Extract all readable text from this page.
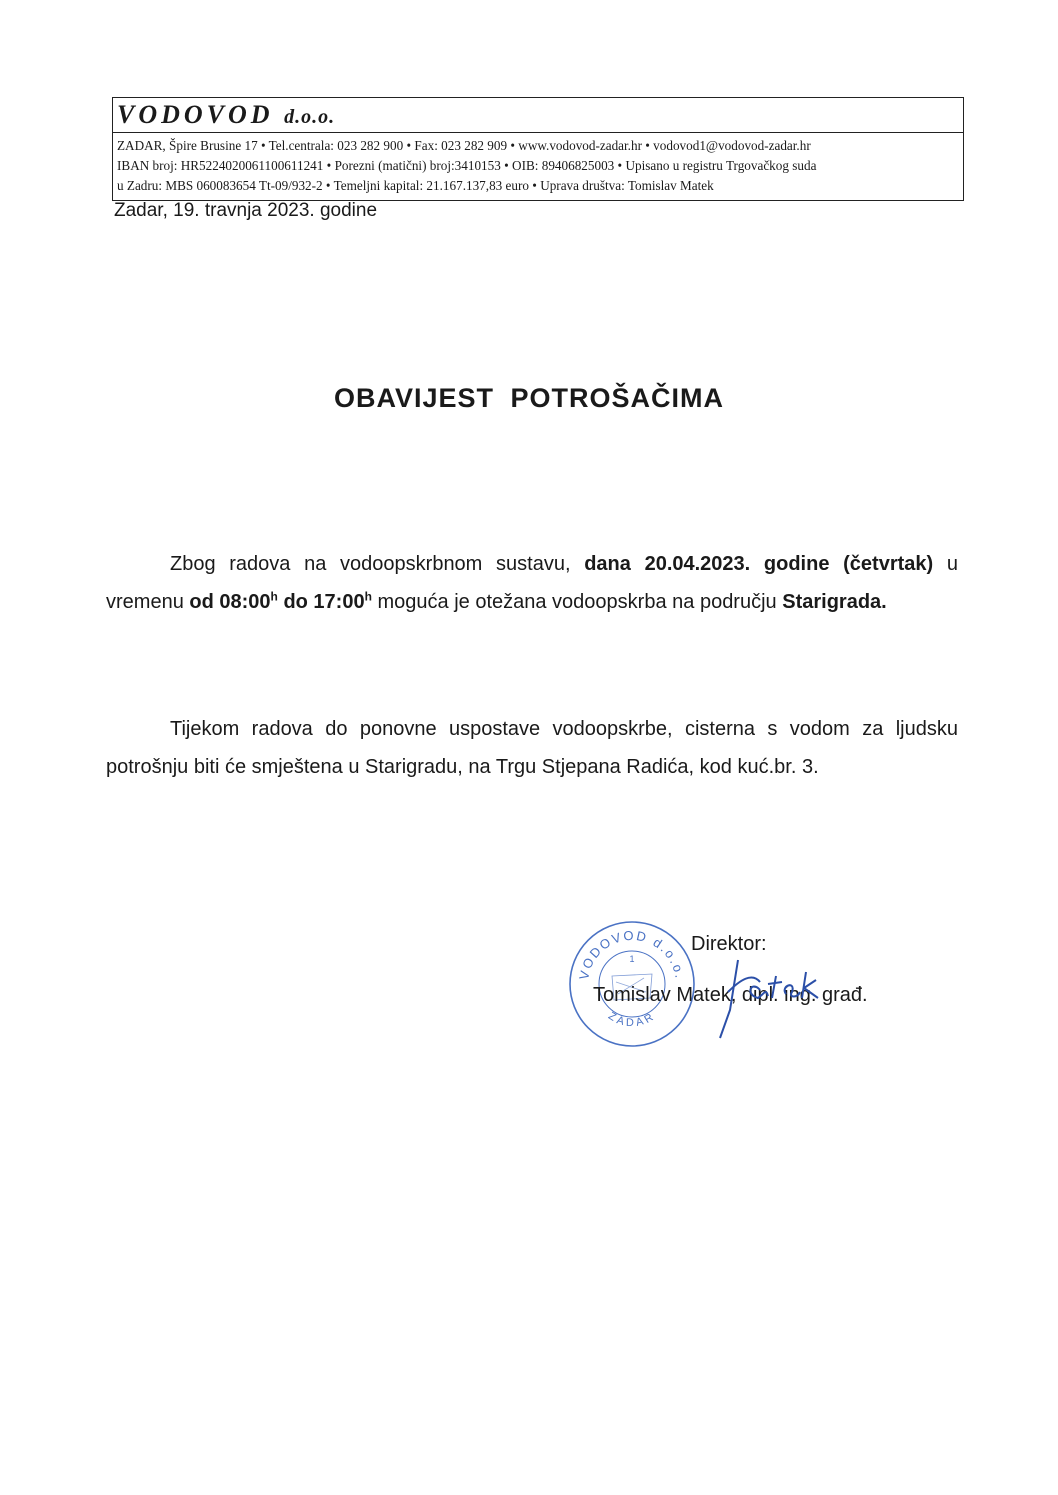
VODOVOD d.o.o.
ZADAR, Špire Brusine 17 • Tel.centrala: 023 282 900 • Fax: 023 282 909 • www.vodovod-zadar.hr • vodovod1@vodovod-zadar.hr
IBAN broj: HR5224020061100611241 • Porezni (matični) broj:3410153 • OIB: 89406825003 • Upisano u registru Trgovačkog suda
u Zadru: MBS 060083654 Tt-09/932-2 • Temeljni kapital: 21.167.137,83 euro • Uprava društva: Tomislav Matek
Zadar, 19. travnja 2023. godine
OBAVIJEST POTROŠAČIMA
Zbog radova na vodoopskrbnom sustavu, dana 20.04.2023. godine (četvrtak) u vremenu od 08:00$^h$ do 17:00$^h$ moguća je otežana vodoopskrba na području Starigrada.
Tijekom radova do ponovne uspostave vodoopskrbe, cisterna s vodom za ljudsku potrošnju biti će smještena u Starigradu, na Trgu Stjepana Radića, kod kuć.br. 3.
VODOVOD d.o.o.
ZADAR
1
Direktor:
Tomislav Matek, dipl. ing. građ.
